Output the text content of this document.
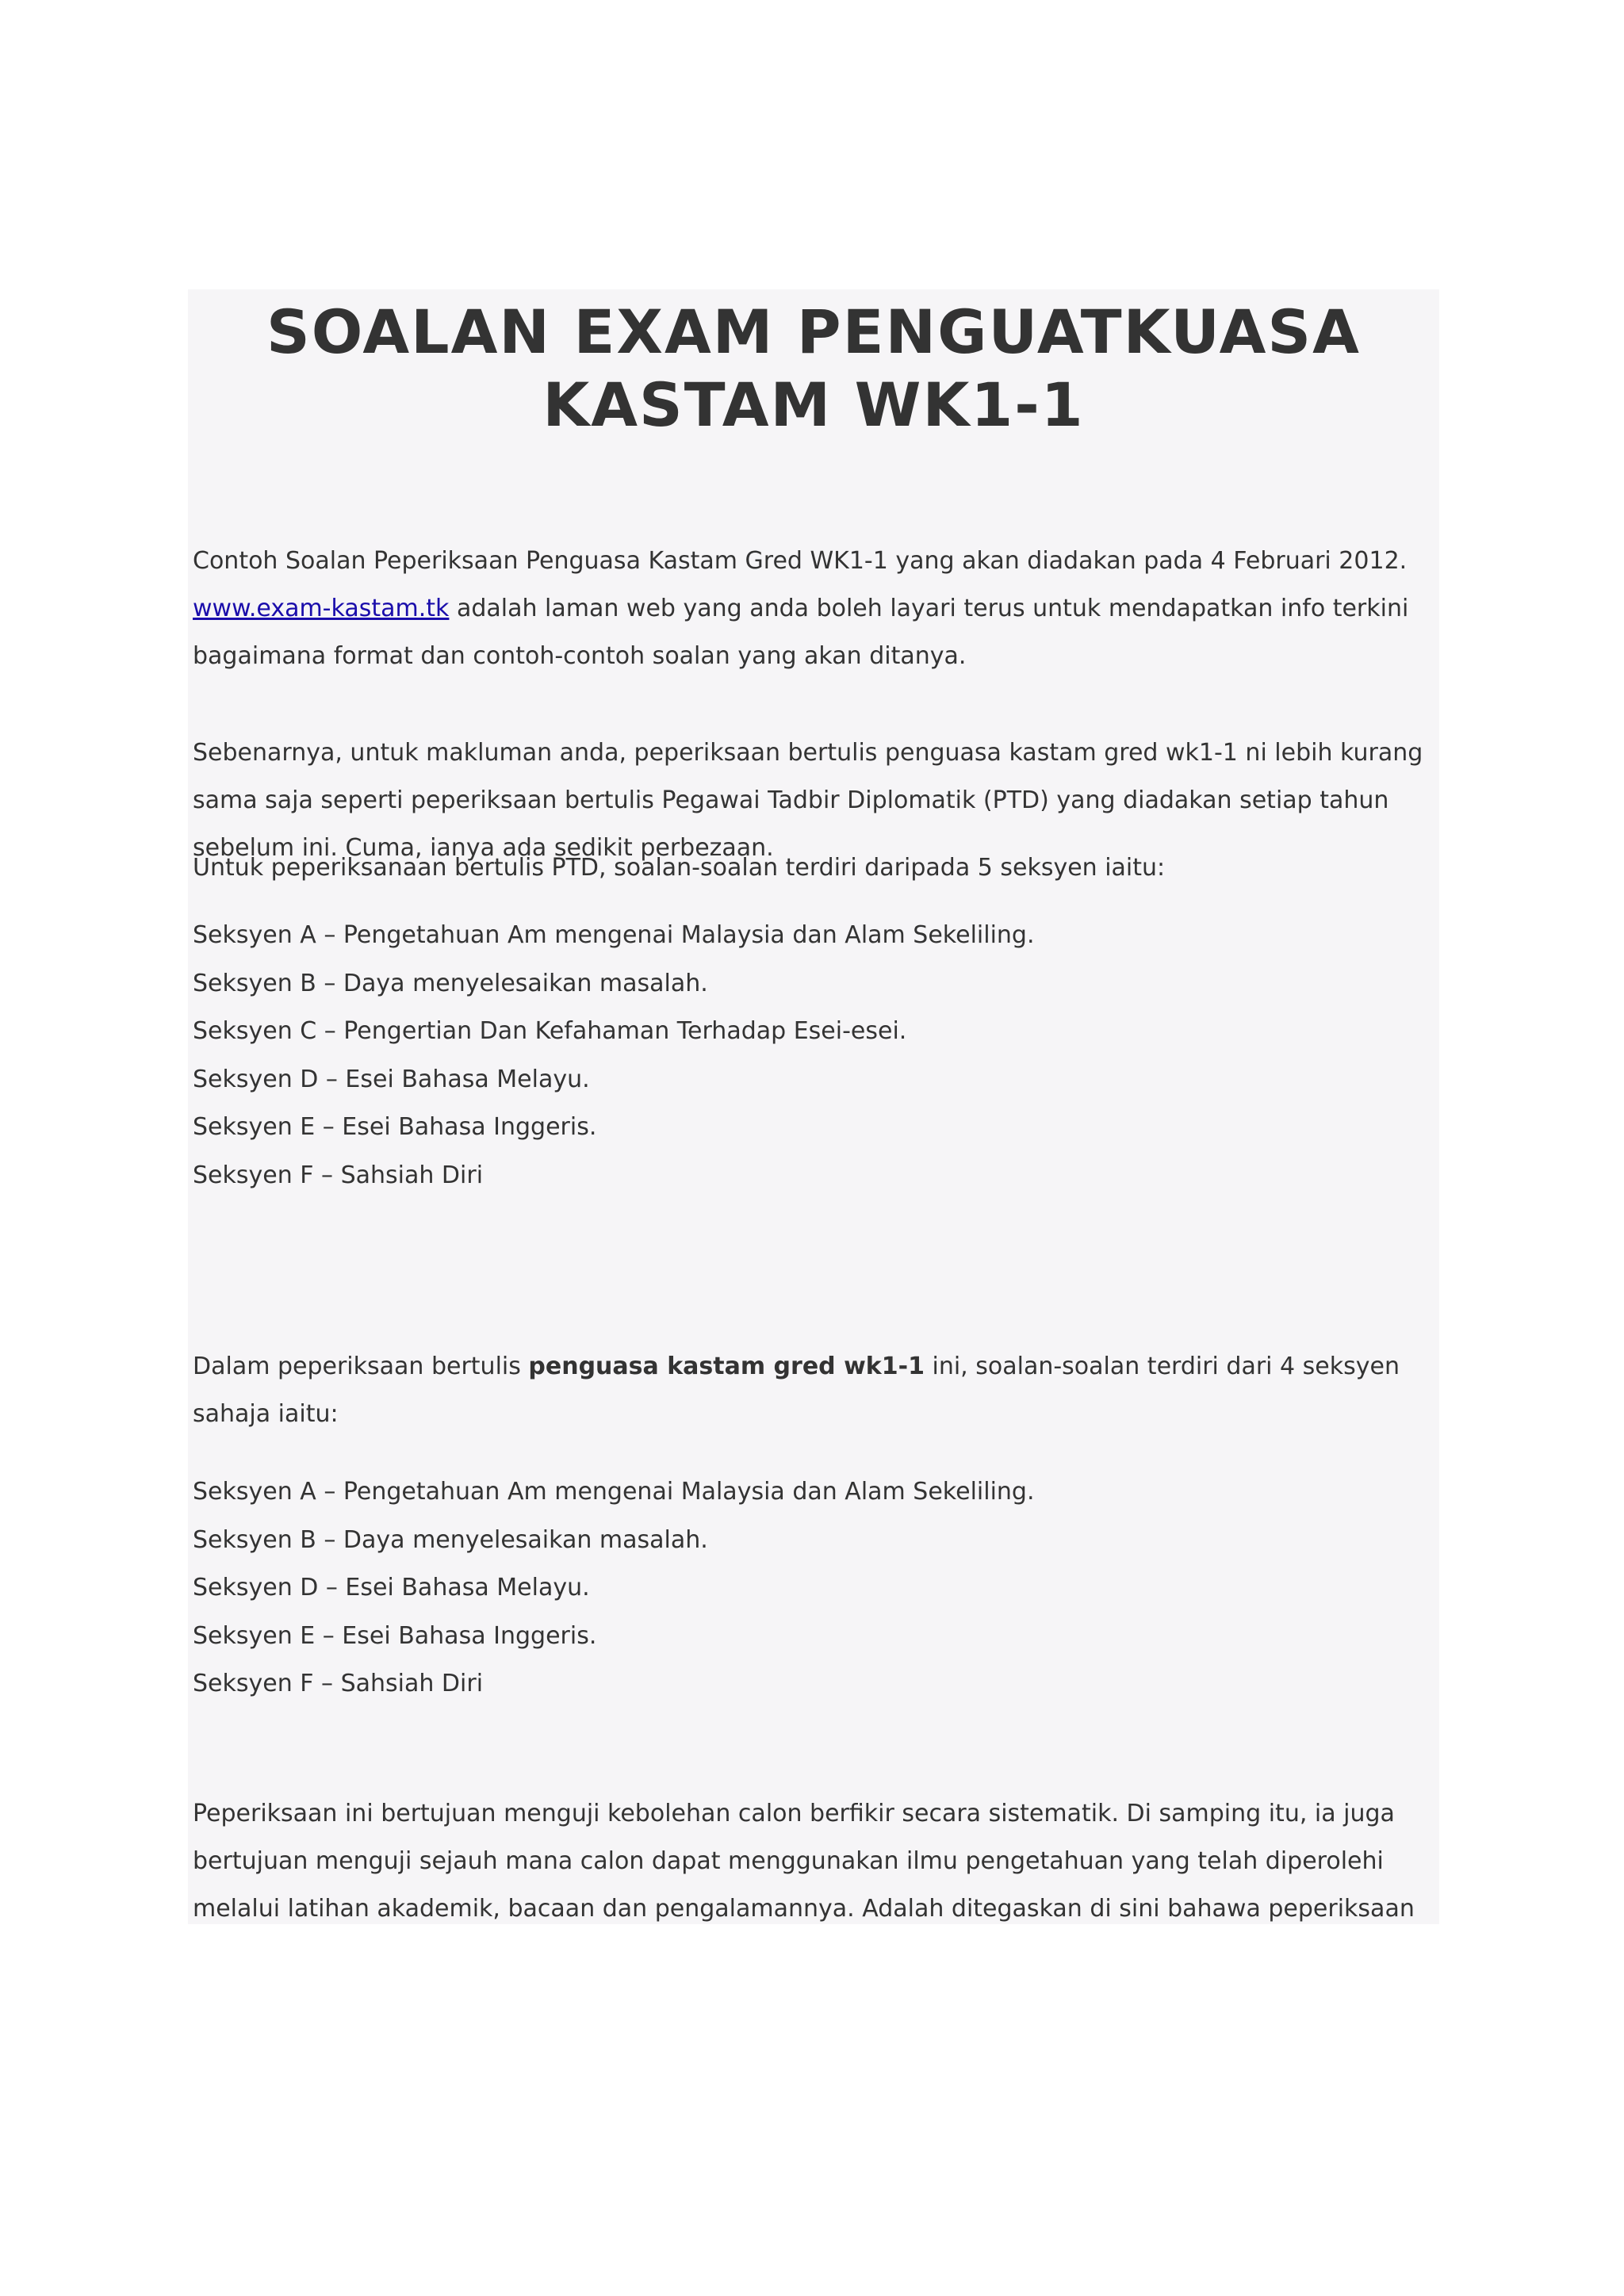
SOALAN EXAM PENGUATKUASA
KASTAM WK1-1

Contoh Soalan Peperiksaan Penguasa Kastam Gred WK1-1 yang akan diadakan pada 4 Februari 2012. www.exam-kastam.tk adalah laman web yang anda boleh layari terus untuk mendapatkan info terkini bagaimana format dan contoh-contoh soalan yang akan ditanya.

Sebenarnya, untuk makluman anda, peperiksaan bertulis penguasa kastam gred wk1-1 ni lebih kurang sama saja seperti peperiksaan bertulis Pegawai Tadbir Diplomatik (PTD) yang diadakan setiap tahun sebelum ini. Cuma, ianya ada sedikit perbezaan.

Untuk peperiksanaan bertulis PTD, soalan-soalan terdiri daripada 5 seksyen iaitu:

Seksyen A – Pengetahuan Am mengenai Malaysia dan Alam Sekeliling.
Seksyen B – Daya menyelesaikan masalah.
Seksyen C – Pengertian Dan Kefahaman Terhadap Esei-esei.
Seksyen D – Esei Bahasa Melayu.
Seksyen E – Esei Bahasa Inggeris.
Seksyen F – Sahsiah Diri

Dalam peperiksaan bertulis penguasa kastam gred wk1-1 ini, soalan-soalan terdiri dari 4 seksyen sahaja iaitu:

Seksyen A – Pengetahuan Am mengenai Malaysia dan Alam Sekeliling.
Seksyen B – Daya menyelesaikan masalah.
Seksyen D – Esei Bahasa Melayu.
Seksyen E – Esei Bahasa Inggeris.
Seksyen F – Sahsiah Diri

Peperiksaan ini bertujuan menguji kebolehan calon berfikir secara sistematik. Di samping itu, ia juga bertujuan menguji sejauh mana calon dapat menggunakan ilmu pengetahuan yang telah diperolehi melalui latihan akademik, bacaan dan pengalamannya. Adalah ditegaskan di sini bahawa peperiksaan
